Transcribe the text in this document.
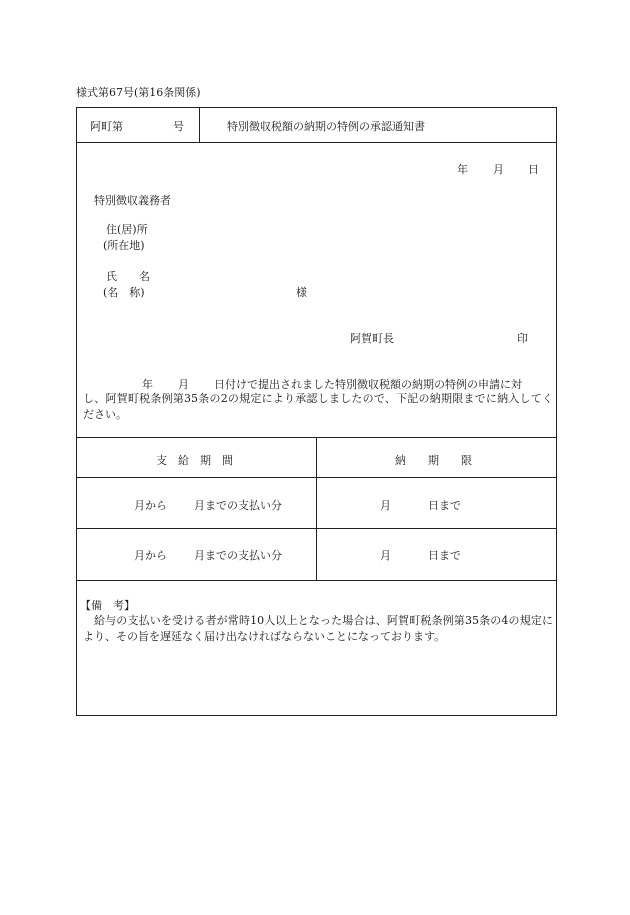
様式第67号(第16条関係)
阿町第	号	特別徴収税額の納期の特例の承認通知書
年 月 日
特別徴収義務者
住(居)所
(所在地)
氏　　名
(名　称)	様
阿賀町長	印
年 月 日付けで提出されました特別徴収税額の納期の特例の申請に対
し、阿賀町税条例第35条の2の規定により承認しましたので、下記の納期限までに納入してください。
支　給　期　間	納　　期　　限
月から 月までの支払い分	月	日まで
月から 月までの支払い分	月	日まで
【備　考】
給与の支払いを受ける者が常時10人以上となった場合は、阿賀町税条例第35条の4の規定により、その旨を遅延なく届け出なければならないことになっております。
